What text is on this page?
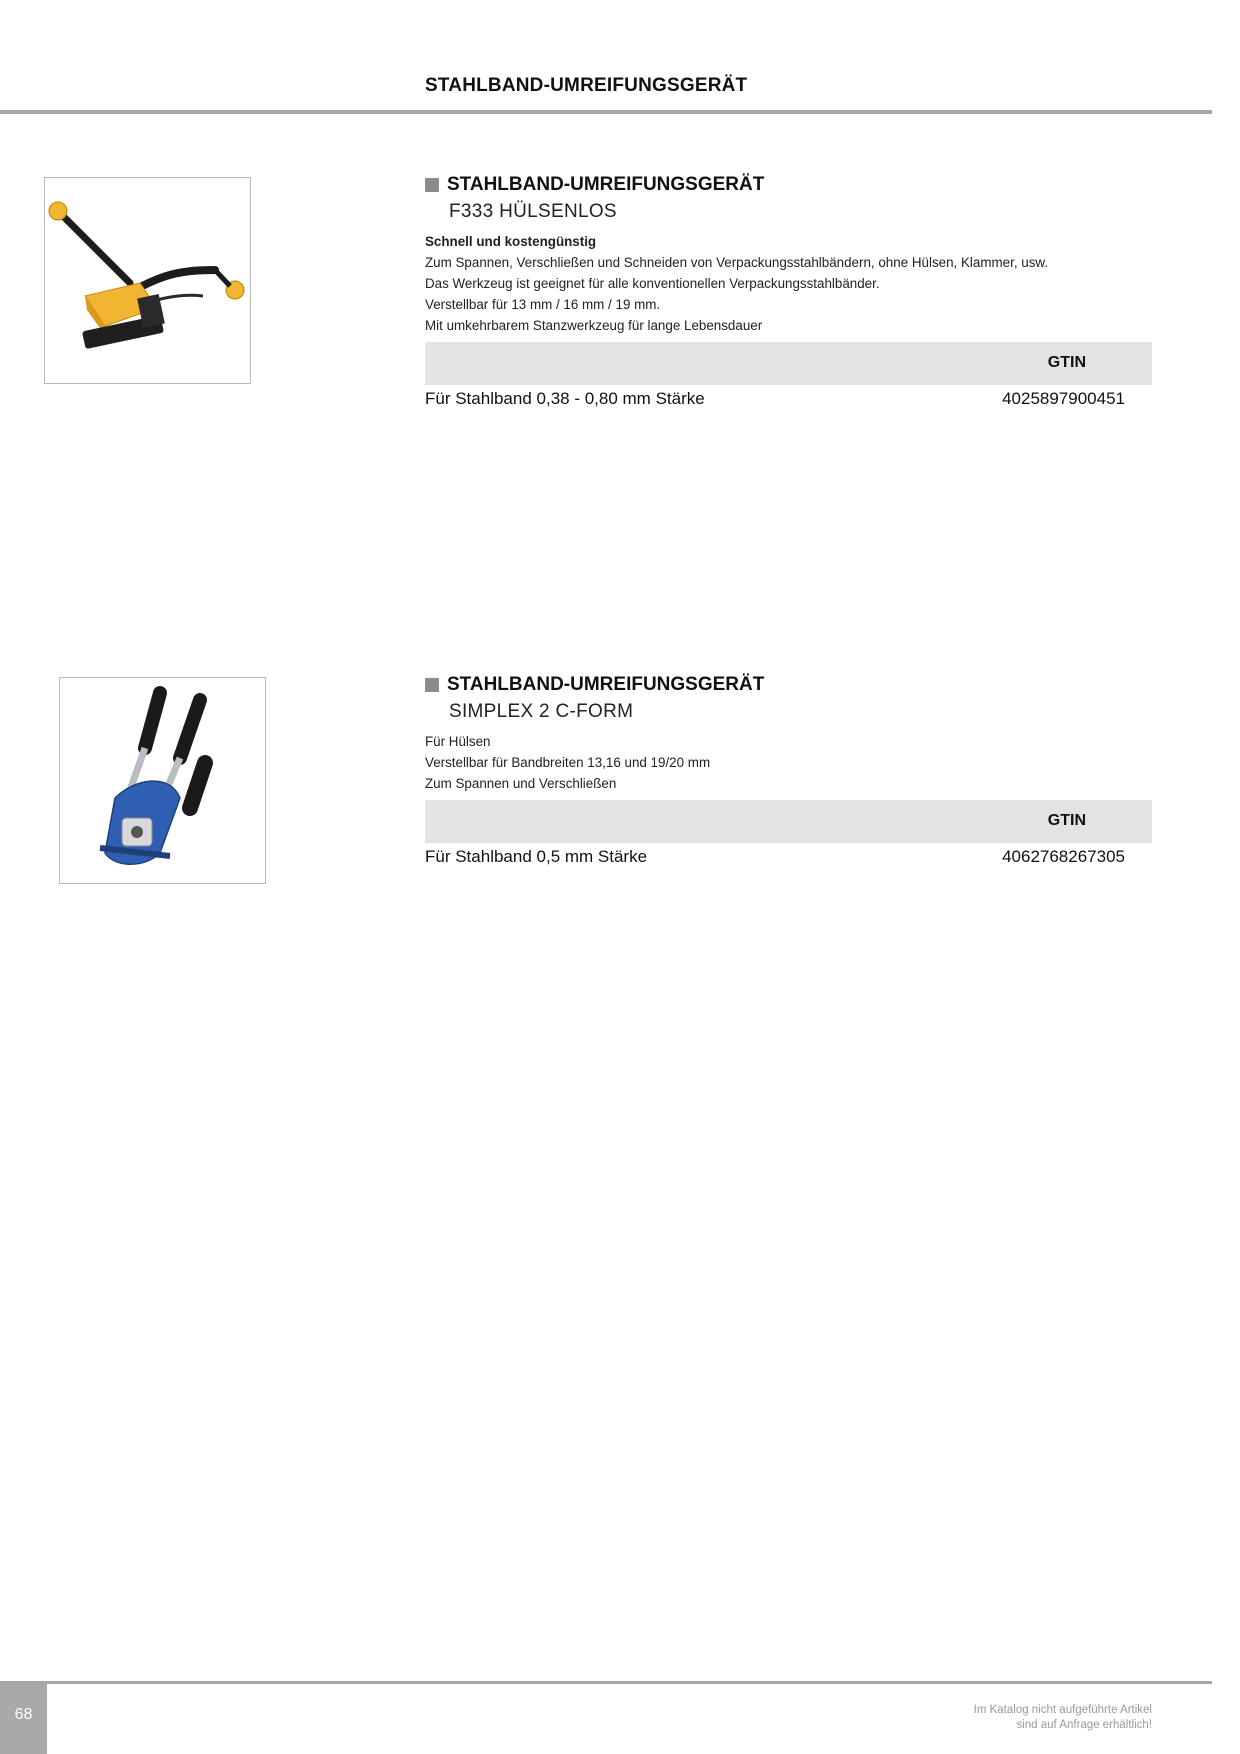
STAHLBAND-UMREIFUNGSGERÄT
STAHLBAND-UMREIFUNGSGERÄT
F333 HÜLSENLOS
Schnell und kostengünstig
Zum Spannen, Verschließen und Schneiden von Verpackungsstahlbändern, ohne Hülsen, Klammer, usw.
Das Werkzeug ist geeignet für alle konventionellen Verpackungsstahlbänder.
Verstellbar für 13 mm / 16 mm / 19 mm.
Mit umkehrbarem Stanzwerkzeug für lange Lebensdauer
GTIN
Für Stahlband 0,38 - 0,80 mm Stärke	4025897900451
STAHLBAND-UMREIFUNGSGERÄT
SIMPLEX 2 C-FORM
Für Hülsen
Verstellbar für Bandbreiten 13,16 und 19/20 mm
Zum Spannen und Verschließen
GTIN
Für Stahlband 0,5 mm Stärke	4062768267305
68	Im Katalog nicht aufgeführte Artikel
sind auf Anfrage erhältlich!
